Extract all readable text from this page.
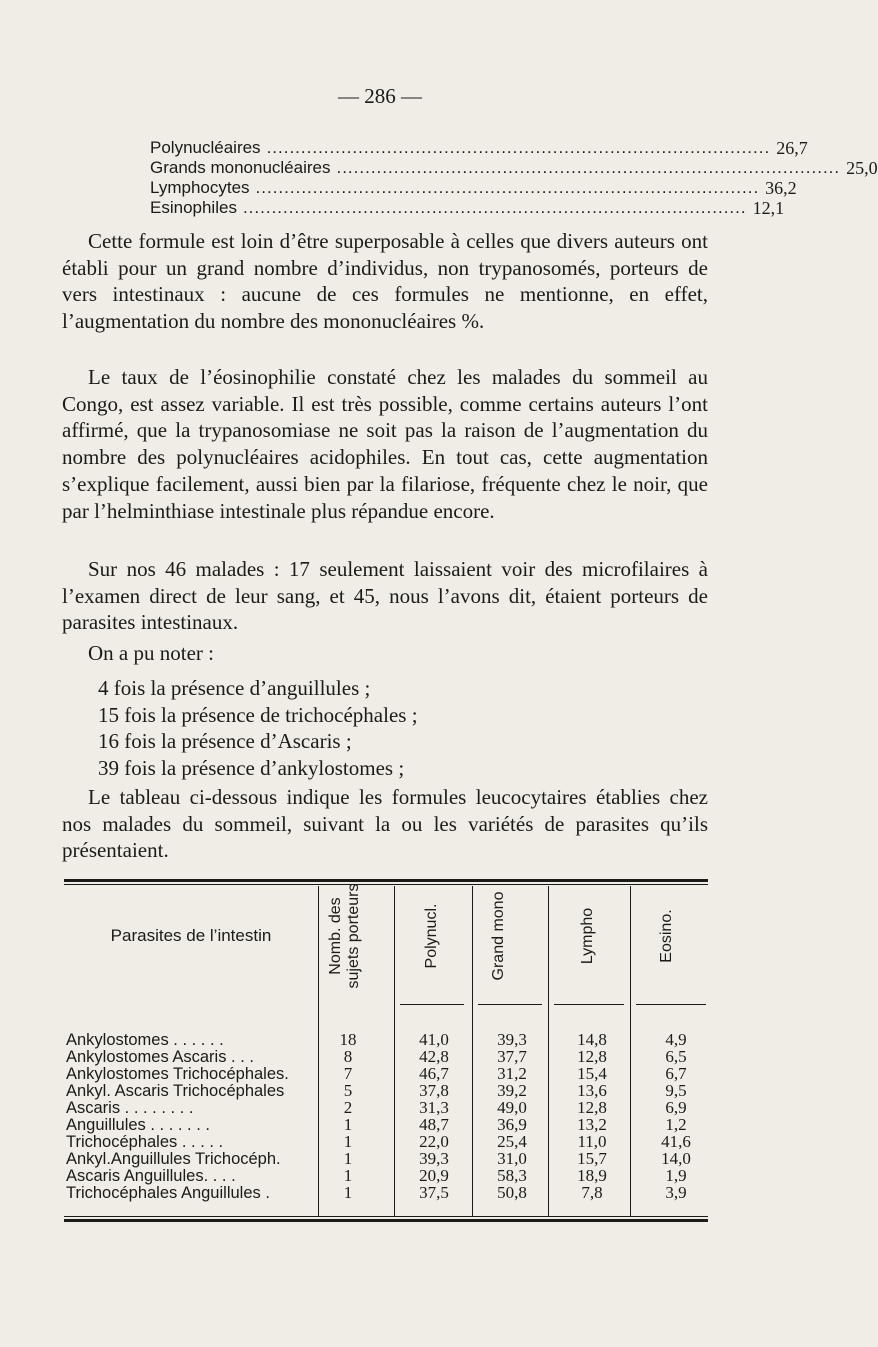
— 286 —
Polynucléaires ........................................................................................ 26,7
Grands mononucléaires ........................................................................................ 25,0
Lymphocytes ........................................................................................ 36,2
Esinophiles ........................................................................................ 12,1
Cette formule est loin d’être superposable à celles que divers auteurs ont établi pour un grand nombre d’individus, non trypanosomés, porteurs de vers intestinaux : aucune de ces formules ne mentionne, en effet, l’augmentation du nombre des mononucléaires %.
Le taux de l’éosinophilie constaté chez les malades du sommeil au Congo, est assez variable. Il est très possible, comme certains auteurs l’ont affirmé, que la trypanosomiase ne soit pas la raison de l’augmentation du nombre des polynucléaires acidophiles. En tout cas, cette augmentation s’explique facilement, aussi bien par la filariose, fréquente chez le noir, que par l’helminthiase intestinale plus répandue encore.
Sur nos 46 malades : 17 seulement laissaient voir des microfilaires à l’examen direct de leur sang, et 45, nous l’avons dit, étaient porteurs de parasites intestinaux.
On a pu noter :
4 fois la présence d’anguillules ;
15 fois la présence de trichocéphales ;
16 fois la présence d’Ascaris ;
39 fois la présence d’ankylostomes ;
Le tableau ci-dessous indique les formules leucocytaires établies chez nos malades du sommeil, suivant la ou les variétés de parasites qu’ils présentaient.
Parasites de l’intestin	Nomb. des sujets porteurs	Polynucl.	Grand mono	Lympho	Eosino.
Ankylostomes . . . . . .	18	41,0	39,3	14,8	4,9
Ankylostomes Ascaris . . .	8	42,8	37,7	12,8	6,5
Ankylostomes Trichocéphales.	7	46,7	31,2	15,4	6,7
Ankyl. Ascaris Trichocéphales	5	37,8	39,2	13,6	9,5
Ascaris . . . . . . . .	2	31,3	49,0	12,8	6,9
Anguillules . . . . . . .	1	48,7	36,9	13,2	1,2
Trichocéphales . . . . .	1	22,0	25,4	11,0	41,6
Ankyl.Anguillules Trichocéph.	1	39,3	31,0	15,7	14,0
Ascaris Anguillules. . . .	1	20,9	58,3	18,9	1,9
Trichocéphales Anguillules .	1	37,5	50,8	7,8	3,9
